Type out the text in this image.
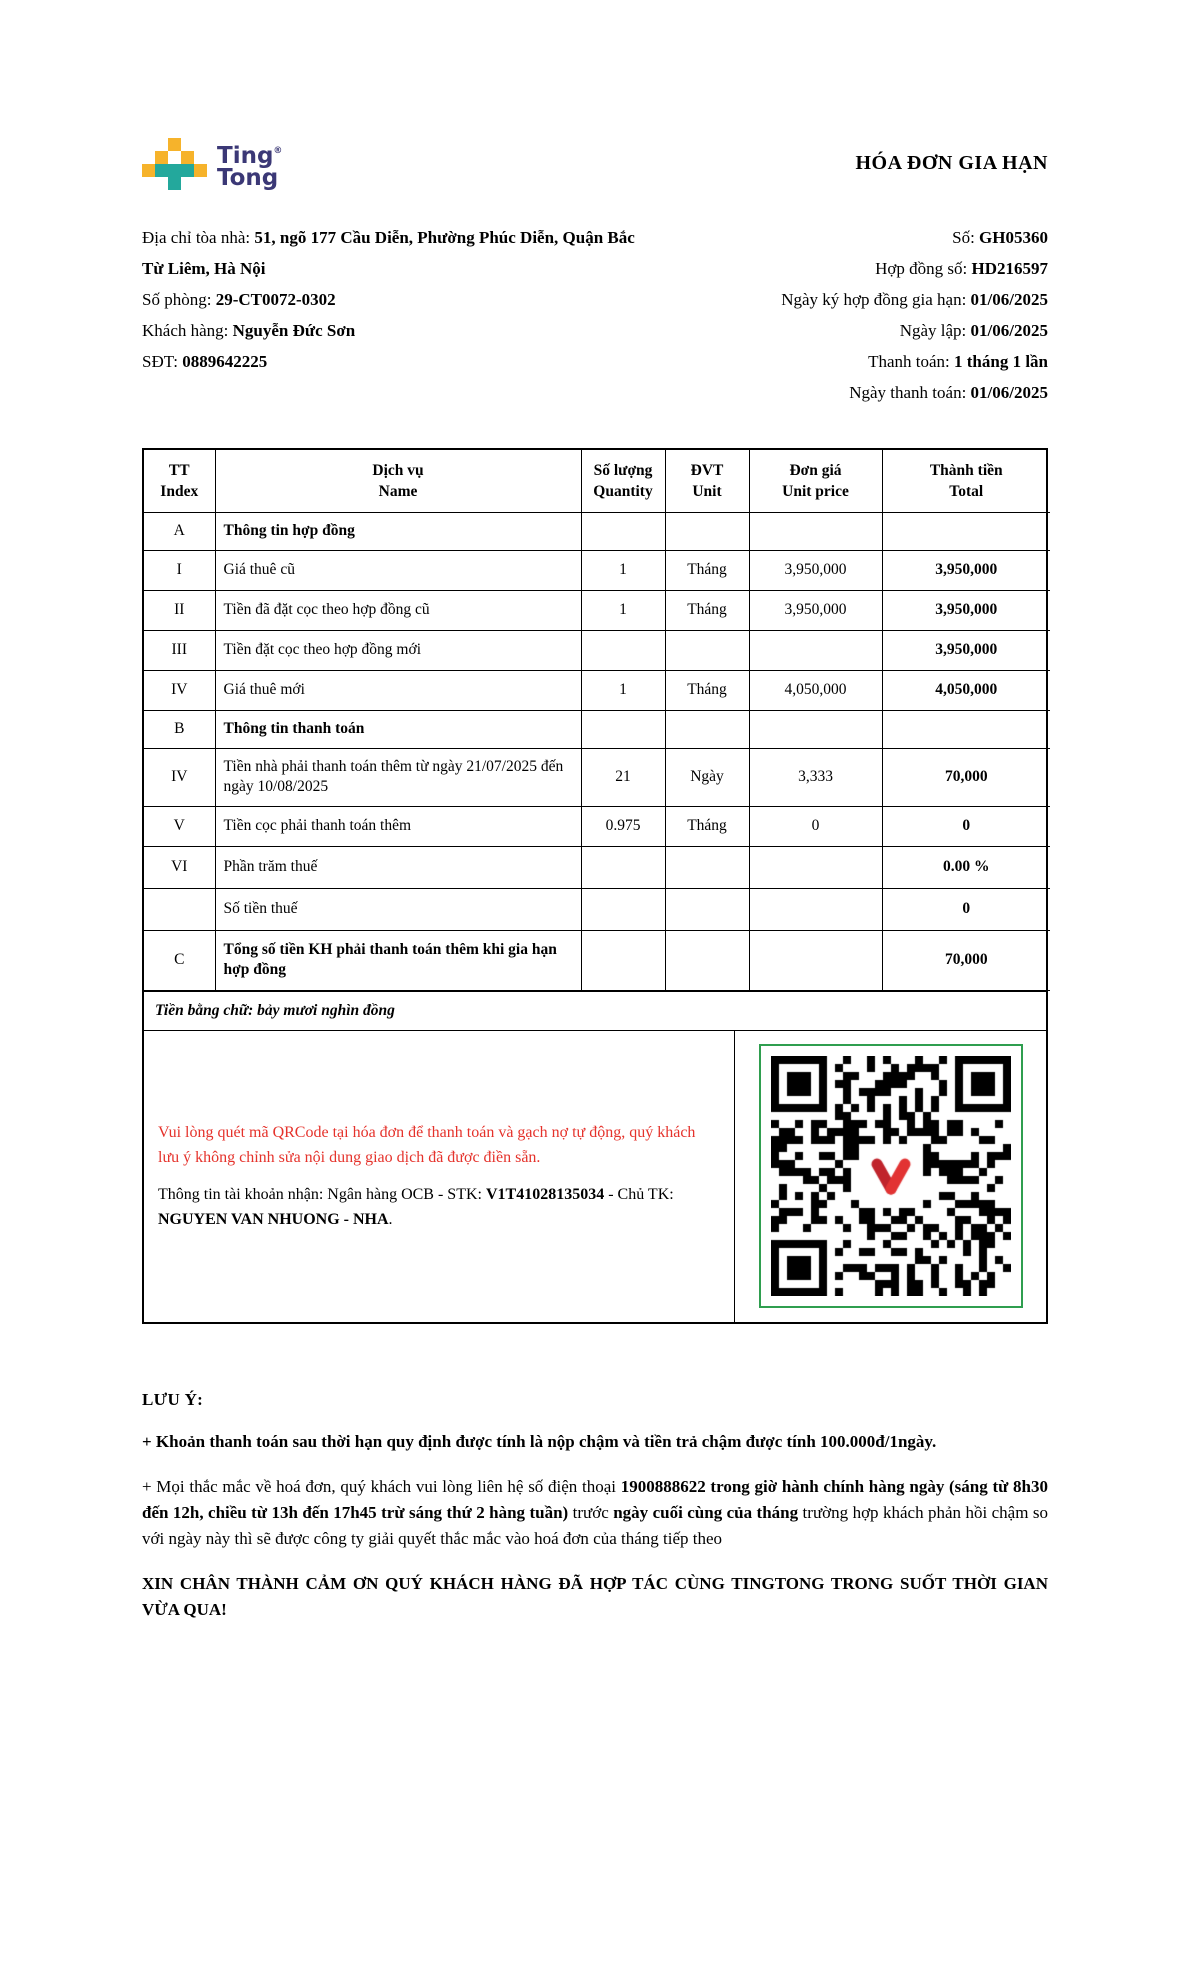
Ting®
Tong
HÓA ĐƠN GIA HẠN
Địa chỉ tòa nhà: 51, ngõ 177 Cầu Diễn, Phường Phúc Diễn, Quận Bắc Từ Liêm, Hà Nội
Số phòng: 29-CT0072-0302
Khách hàng: Nguyễn Đức Sơn
SĐT: 0889642225
Số: GH05360
Hợp đồng số: HD216597
Ngày ký hợp đồng gia hạn: 01/06/2025
Ngày lập: 01/06/2025
Thanh toán: 1 tháng 1 lần
Ngày thanh toán: 01/06/2025
TT
Index

Dịch vụ
Name

Số lượng
Quantity

ĐVT
Unit

Đơn giá
Unit price

Thành tiền
Total

A	Thông tin hợp đồng				
I	Giá thuê cũ	1	Tháng	3,950,000	3,950,000
II	Tiền đã đặt cọc theo hợp đồng cũ	1	Tháng	3,950,000	3,950,000
III	Tiền đặt cọc theo hợp đồng mới				3,950,000
IV	Giá thuê mới	1	Tháng	4,050,000	4,050,000
B	Thông tin thanh toán				
IV	Tiền nhà phải thanh toán thêm từ ngày 21/07/2025 đến ngày 10/08/2025	21	Ngày	3,333	70,000
V	Tiền cọc phải thanh toán thêm	0.975	Tháng	0	0
VI	Phần trăm thuế				0.00 %
	Số tiền thuế				0
C	Tổng số tiền KH phải thanh toán thêm khi gia hạn hợp đồng				70,000
Tiền bằng chữ: bảy mươi nghìn đồng

Vui lòng quét mã QRCode tại hóa đơn để thanh toán và gạch nợ tự động, quý khách lưu ý không chỉnh sửa nội dung giao dịch đã được điền sẵn.

Thông tin tài khoản nhận: Ngân hàng OCB - STK: V1T41028135034 - Chủ TK: NGUYEN VAN NHUONG - NHA.

LƯU Ý:

+ Khoản thanh toán sau thời hạn quy định được tính là nộp chậm và tiền trả chậm được tính 100.000đ/1ngày.

+ Mọi thắc mắc về hoá đơn, quý khách vui lòng liên hệ số điện thoại 1900888622 trong giờ hành chính hàng ngày (sáng từ 8h30 đến 12h, chiều từ 13h đến 17h45 trừ sáng thứ 2 hàng tuần) trước ngày cuối cùng của tháng trường hợp khách phản hồi chậm so với ngày này thì sẽ được công ty giải quyết thắc mắc vào hoá đơn của tháng tiếp theo

XIN CHÂN THÀNH CẢM ƠN QUÝ KHÁCH HÀNG ĐÃ HỢP TÁC CÙNG TINGTONG TRONG SUỐT THỜI GIAN VỪA QUA!
